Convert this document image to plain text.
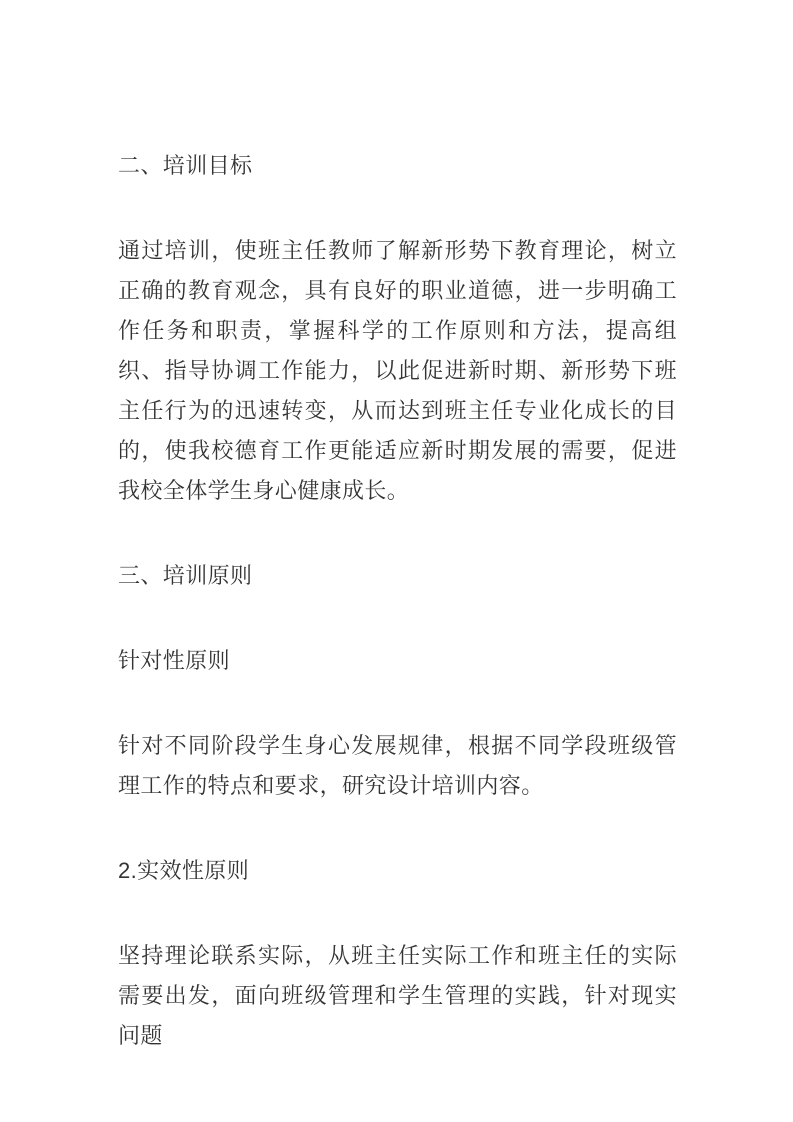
二、培训目标

通过培训，使班主任教师了解新形势下教育理论，树立正确的教育观念，具有良好的职业道德，进一步明确工作任务和职责，掌握科学的工作原则和方法，提高组织、指导协调工作能力，以此促进新时期、新形势下班主任行为的迅速转变，从而达到班主任专业化成长的目的，使我校德育工作更能适应新时期发展的需要，促进我校全体学生身心健康成长。

三、培训原则
针对性原则

针对不同阶段学生身心发展规律，根据不同学段班级管理工作的特点和要求，研究设计培训内容。

2.实效性原则

坚持理论联系实际，从班主任实际工作和班主任的实际需要出发，面向班级管理和学生管理的实践，针对现实问题
